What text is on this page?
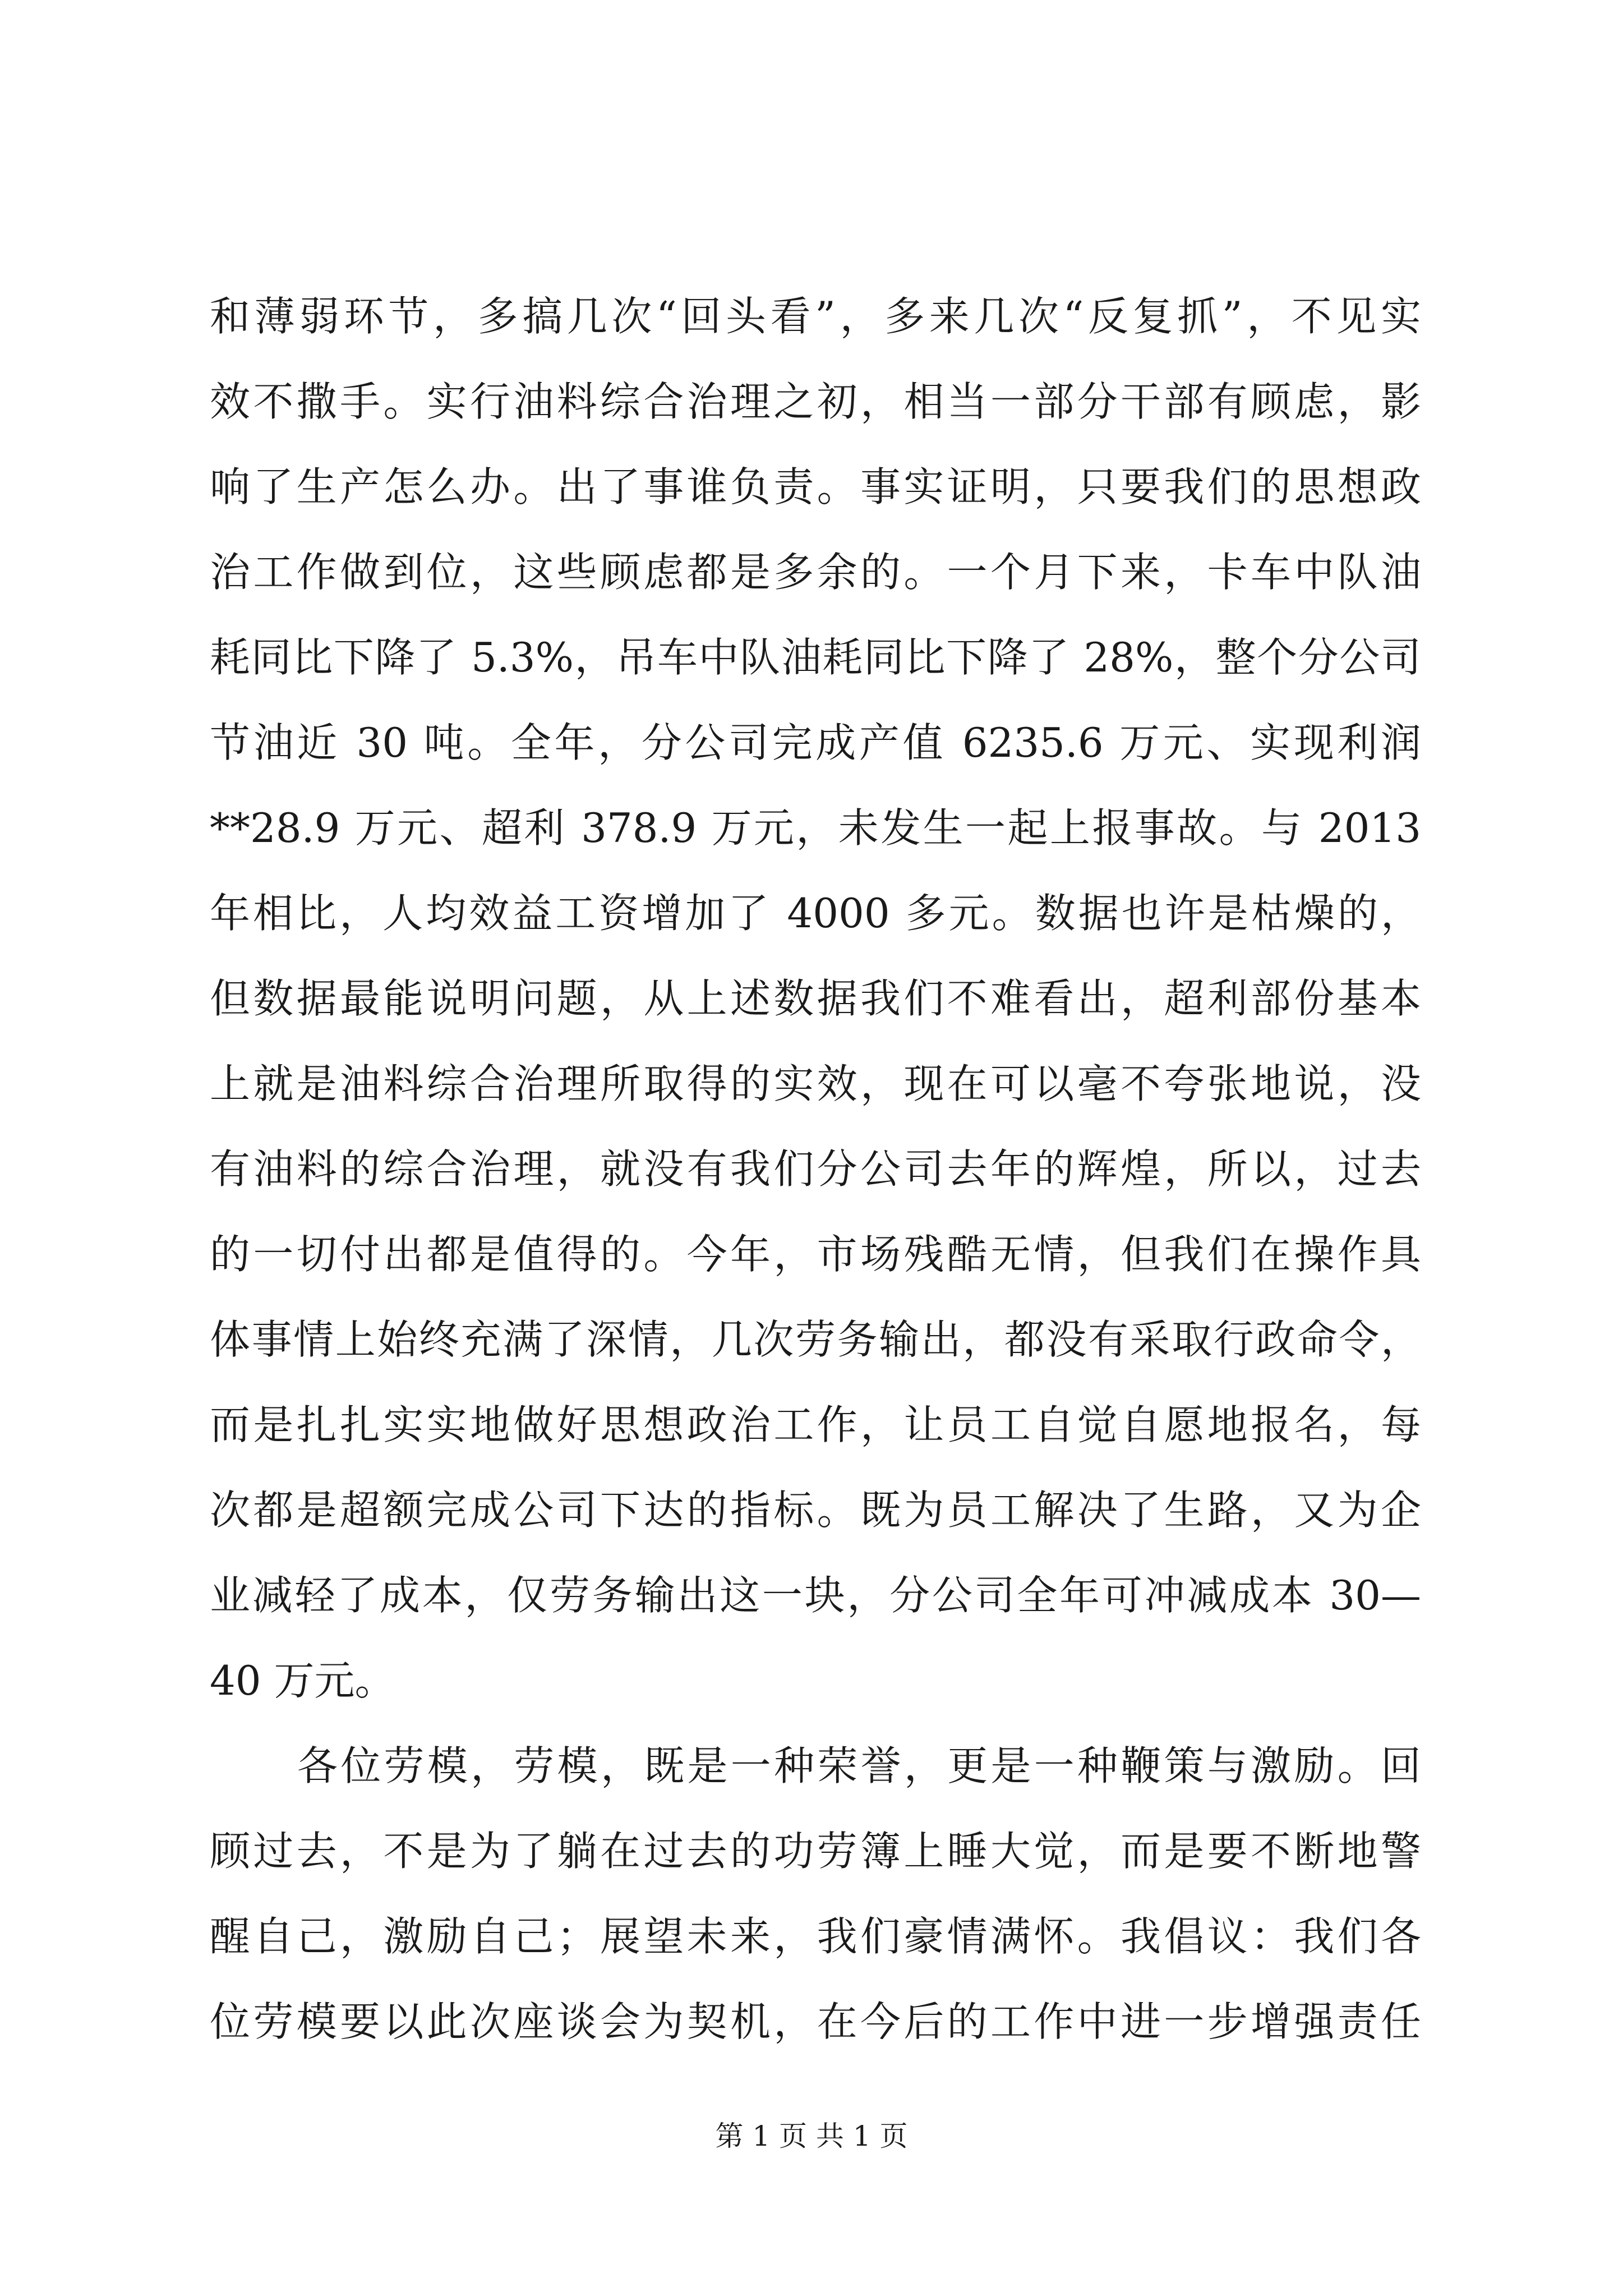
和薄弱环节，多搞几次“回头看”，多来几次“反复抓”，不见实
效不撒手。实行油料综合治理之初，相当一部分干部有顾虑，影
响了生产怎么办。出了事谁负责。事实证明，只要我们的思想政
治工作做到位，这些顾虑都是多余的。一个月下来，卡车中队油
耗同比下降了 5.3%，吊车中队油耗同比下降了 28%，整个分公司
节油近 30 吨。全年，分公司完成产值 6235.6 万元、实现利润
**28.9 万元、超利 378.9 万元，未发生一起上报事故。与 2013
年相比，人均效益工资增加了 4000 多元。数据也许是枯燥的，
但数据最能说明问题，从上述数据我们不难看出，超利部份基本
上就是油料综合治理所取得的实效，现在可以毫不夸张地说，没
有油料的综合治理，就没有我们分公司去年的辉煌，所以，过去
的一切付出都是值得的。今年，市场残酷无情，但我们在操作具
体事情上始终充满了深情，几次劳务输出，都没有采取行政命令，
而是扎扎实实地做好思想政治工作，让员工自觉自愿地报名，每
次都是超额完成公司下达的指标。既为员工解决了生路，又为企
业减轻了成本，仅劳务输出这一块，分公司全年可冲减成本 30—
40 万元。
各位劳模，劳模，既是一种荣誉，更是一种鞭策与激励。回
顾过去，不是为了躺在过去的功劳簿上睡大觉，而是要不断地警
醒自己，激励自己；展望未来，我们豪情满怀。我倡议：我们各
位劳模要以此次座谈会为契机，在今后的工作中进一步增强责任
第 1 页 共 1 页
